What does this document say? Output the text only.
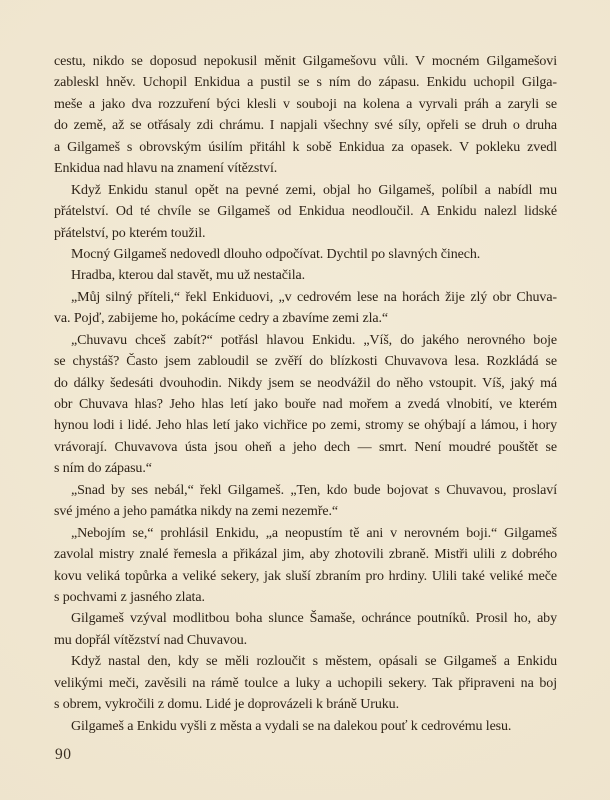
cestu, nikdo se doposud nepokusil měnit Gilgamešovu vůli. V mocném Gilgamešovi
zableskl hněv. Uchopil Enkidua a pustil se s ním do zápasu. Enkidu uchopil Gilga-
meše a jako dva rozzuření býci klesli v souboji na kolena a vyrvali práh a zaryli se
do země, až se otřásaly zdi chrámu. I napjali všechny své síly, opřeli se druh o druha
a Gilgameš s obrovským úsilím přitáhl k sobě Enkidua za opasek. V pokleku zvedl
Enkidua nad hlavu na znamení vítězství.
Když Enkidu stanul opět na pevné zemi, objal ho Gilgameš, políbil a nabídl mu
přátelství. Od té chvíle se Gilgameš od Enkidua neodloučil. A Enkidu nalezl lidské
přátelství, po kterém toužil.
Mocný Gilgameš nedovedl dlouho odpočívat. Dychtil po slavných činech.
Hradba, kterou dal stavět, mu už nestačila.
„Můj silný příteli,“ řekl Enkiduovi, „v cedrovém lese na horách žije zlý obr Chuva-
va. Pojď, zabijeme ho, pokácíme cedry a zbavíme zemi zla.“
„Chuvavu chceš zabít?“ potřásl hlavou Enkidu. „Víš, do jakého nerovného boje
se chystáš? Často jsem zabloudil se zvěří do blízkosti Chuvavova lesa. Rozkládá se
do dálky šedesáti dvouhodin. Nikdy jsem se neodvážil do něho vstoupit. Víš, jaký má
obr Chuvava hlas? Jeho hlas letí jako bouře nad mořem a zvedá vlnobití, ve kterém
hynou lodi i lidé. Jeho hlas letí jako vichřice po zemi, stromy se ohýbají a lámou, i hory
vrávorají. Chuvavova ústa jsou oheň a jeho dech — smrt. Není moudré pouštět se
s ním do zápasu.“
„Snad by ses nebál,“ řekl Gilgameš. „Ten, kdo bude bojovat s Chuvavou, proslaví
své jméno a jeho památka nikdy na zemi nezemře.“
„Nebojím se,“ prohlásil Enkidu, „a neopustím tě ani v nerovném boji.“ Gilgameš
zavolal mistry znalé řemesla a přikázal jim, aby zhotovili zbraně. Mistři ulili z dobrého
kovu veliká topůrka a veliké sekery, jak sluší zbraním pro hrdiny. Ulili také veliké meče
s pochvami z jasného zlata.
Gilgameš vzýval modlitbou boha slunce Šamaše, ochránce poutníků. Prosil ho, aby
mu dopřál vítězství nad Chuvavou.
Když nastal den, kdy se měli rozloučit s městem, opásali se Gilgameš a Enkidu
velikými meči, zavěsili na rámě toulce a luky a uchopili sekery. Tak připraveni na boj
s obrem, vykročili z domu. Lidé je doprovázeli k bráně Uruku.
Gilgameš a Enkidu vyšli z města a vydali se na dalekou pouť k cedrovému lesu.
90
